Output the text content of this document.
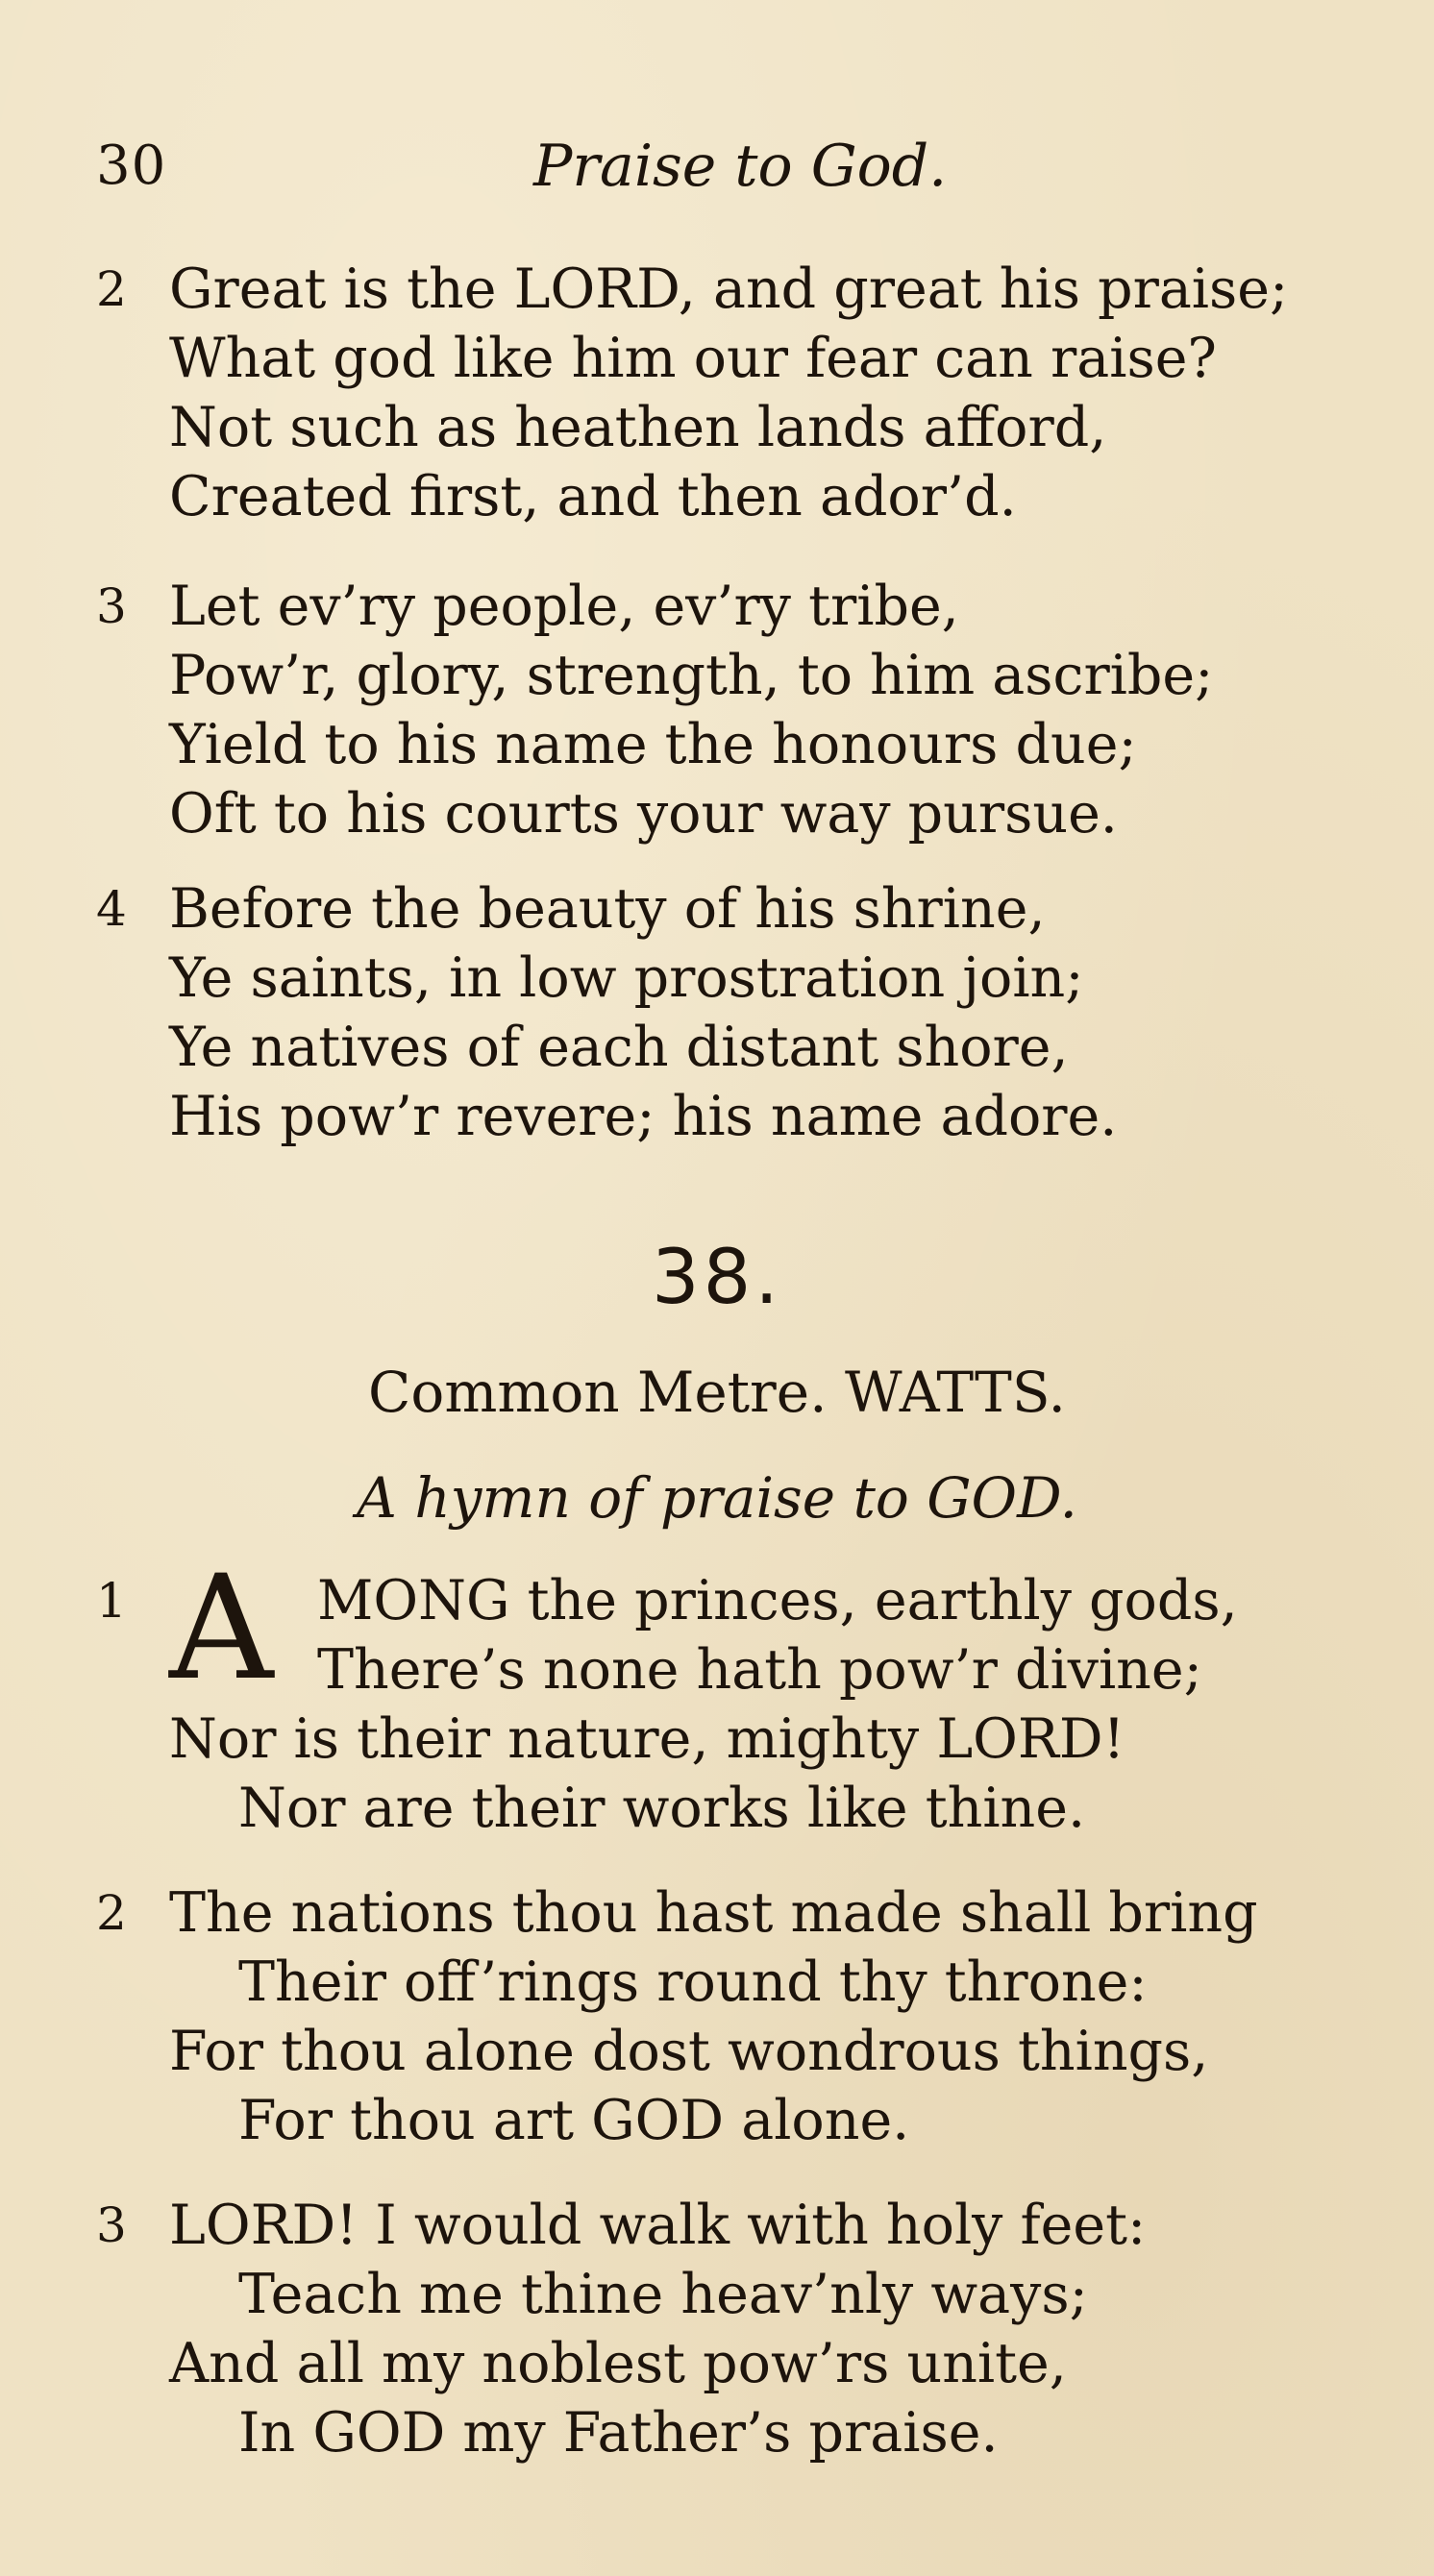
30	Praise to God.
2 Great is the LORD, and great his praise;
What god like him our fear can raise?
Not such as heathen lands afford,
Created first, and then ador’d.
3 Let ev’ry people, ev’ry tribe,
Pow’r, glory, strength, to him ascribe;
Yield to his name the honours due;
Oft to his courts your way pursue.
4 Before the beauty of his shrine,
Ye saints, in low prostration join;
Ye natives of each distant shore,
His pow’r revere; his name adore.
38.
Common Metre. WATTS.
A hymn of praise to GOD.
1 A MONG the princes, earthly gods,
There’s none hath pow’r divine;
Nor is their nature, mighty LORD!
Nor are their works like thine.
2 The nations thou hast made shall bring
Their off’rings round thy throne:
For thou alone dost wondrous things,
For thou art GOD alone.
3 LORD! I would walk with holy feet:
Teach me thine heav’nly ways;
And all my noblest pow’rs unite,
In GOD my Father’s praise.
